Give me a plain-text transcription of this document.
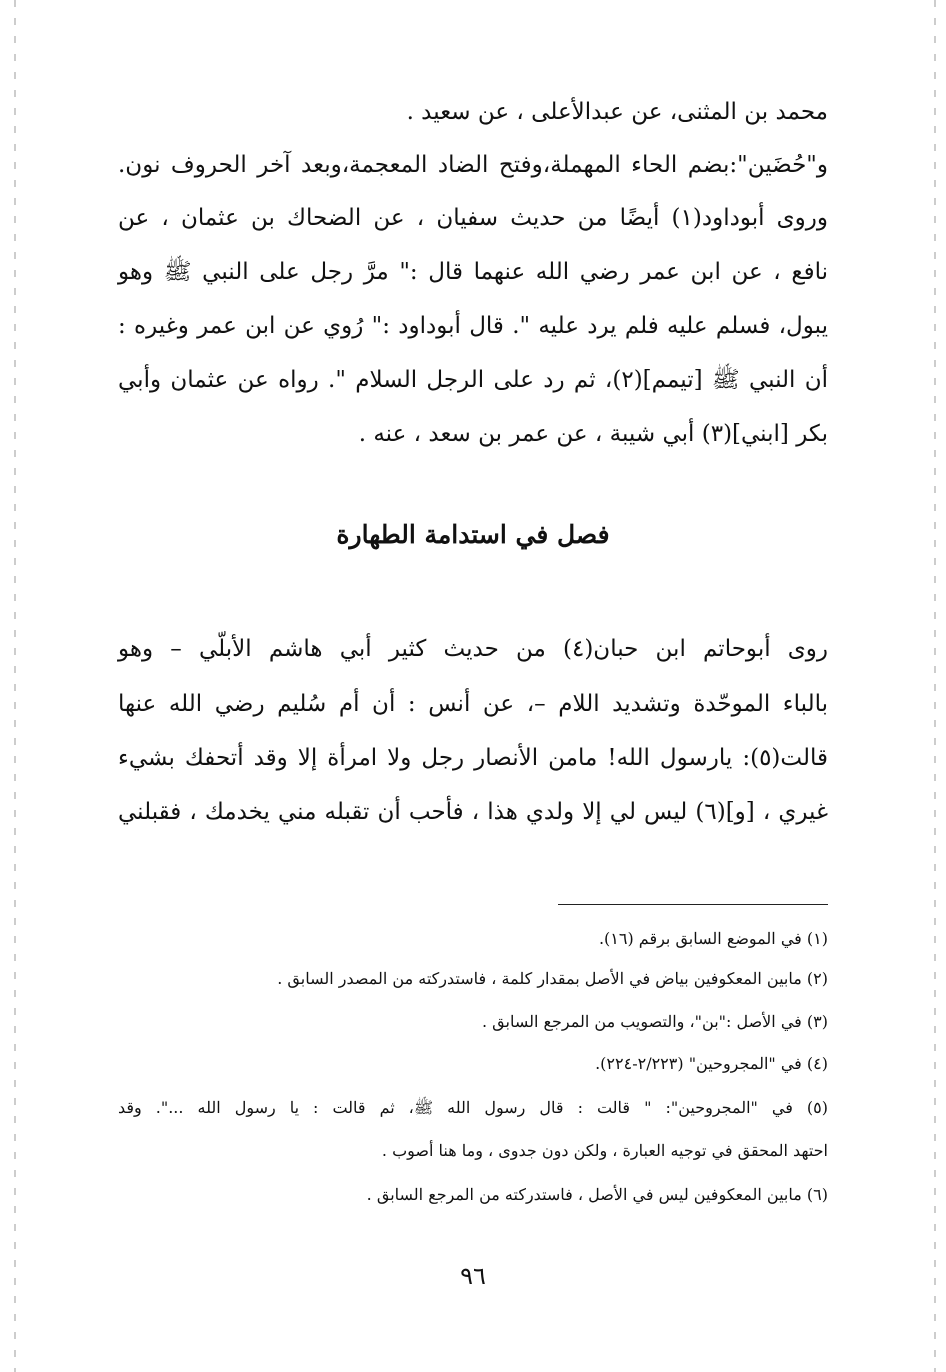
محمد بن المثنى، عن عبدالأعلى ، عن سعيد .
و"حُضَين":بضم الحاء المهملة،وفتح الضاد المعجمة،وبعد آخر الحروف نون.
وروى أبوداود(١) أيضًا من حديث سفيان ، عن الضحاك بن عثمان ، عن
نافع ، عن ابن عمر رضي الله عنهما قال :" مرَّ رجل على النبي ﷺ وهو
يبول، فسلم عليه فلم يرد عليه ". قال أبوداود :" رُوي عن ابن عمر وغيره :
أن النبي ﷺ [تيمم](٢)، ثم رد على الرجل السلام ". رواه عن عثمان وأبي
بكر [ابني](٣) أبي شيبة ، عن عمر بن سعد ، عنه .
فصل في استدامة الطهارة
روى أبوحاتم ابن حبان(٤) من حديث كثير أبي هاشم الأبلّي – وهو
بالباء الموحّدة وتشديد اللام –، عن أنس : أن أم سُليم رضي الله عنها
قالت(٥): يارسول الله! مامن الأنصار رجل ولا امرأة إلا وقد أتحفك بشيء
غيري ، [و](٦) ليس لي إلا ولدي هذا ، فأحب أن تقبله مني يخدمك ، فقبلني
(١) في الموضع السابق برقم (١٦).
(٢) مابين المعكوفين بياض في الأصل بمقدار كلمة ، فاستدركته من المصدر السابق .
(٣) في الأصل :"بن"، والتصويب من المرجع السابق .
(٤) في "المجروحين" (٢/٢٢٣-٢٢٤).
(٥) في "المجروحين": " قالت : قال رسول الله ﷺ، ثم قالت : يا رسول الله ...". وقد
احتهد المحقق في توجيه العبارة ، ولكن دون جدوى ، وما هنا أصوب .
(٦) مابين المعكوفين ليس في الأصل ، فاستدركته من المرجع السابق .
٩٦
